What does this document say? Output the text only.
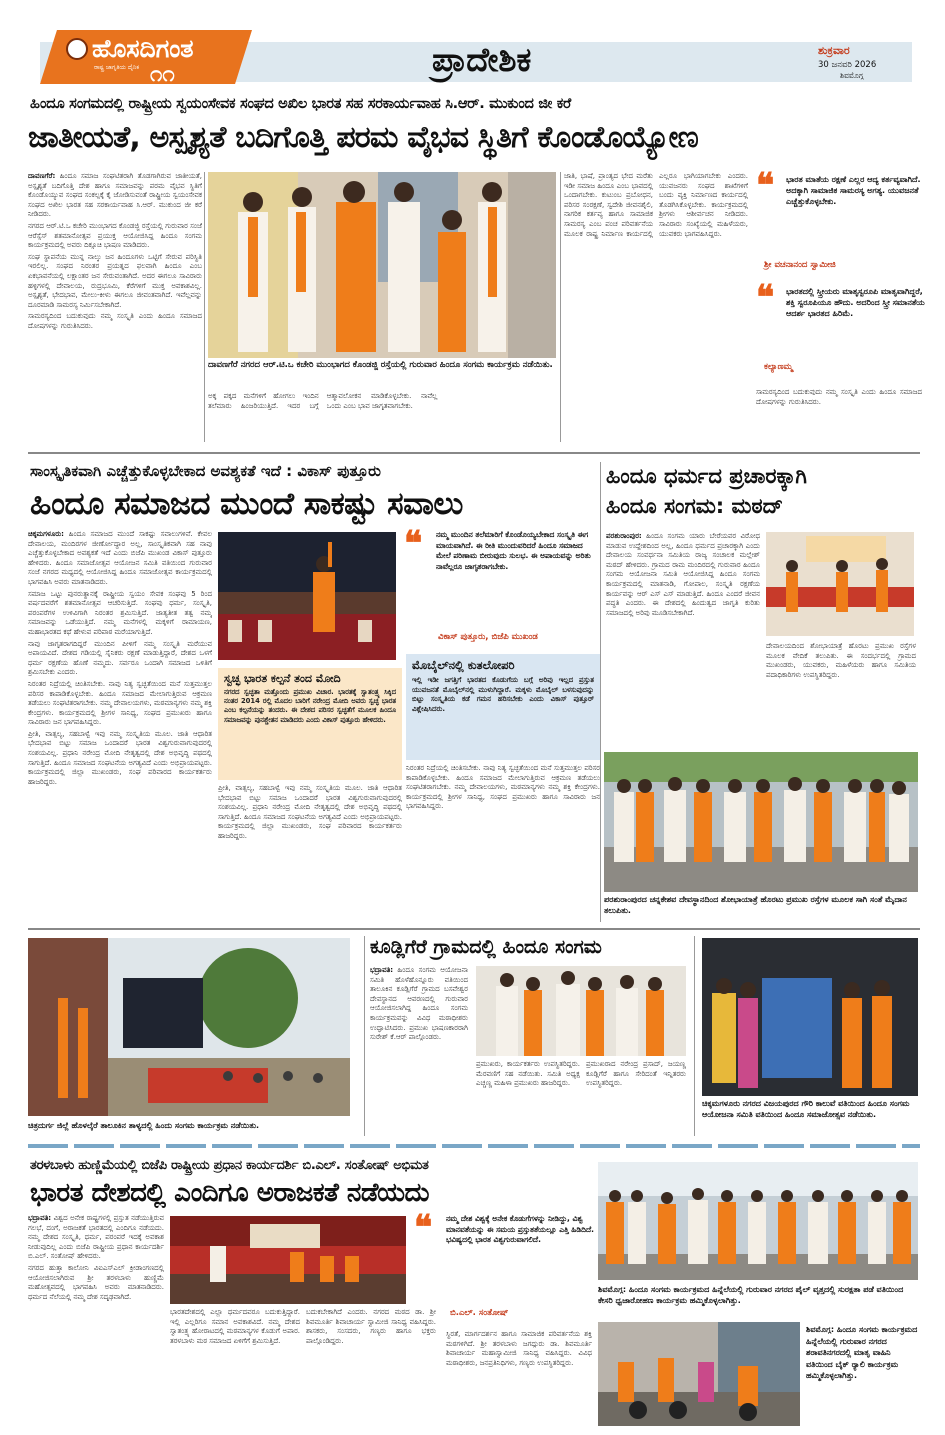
ಹೊಸದಿಗಂತ
ರಾಷ್ಟ್ರ ಜಾಗೃತಿಯ ದೈನಿಕ ೧೧	ಪ್ರಾದೇಶಿಕ	ಶುಕ್ರವಾರ
30 ಜನವರಿ 2026
ಶಿವಮೊಗ್ಗ
ಹಿಂದೂ ಸಂಗಮದಲ್ಲಿ ರಾಷ್ಟ್ರೀಯ ಸ್ವಯಂಸೇವಕ ಸಂಘದ ಅಖಿಲ ಭಾರತ ಸಹ ಸರಕಾರ್ಯವಾಹ ಸಿ.ಆರ್. ಮುಕುಂದ ಜೀ ಕರೆ
ಜಾತೀಯತೆ, ಅಸ್ಪೃಶ್ಯತೆ ಬದಿಗೊತ್ತಿ ಪರಮ ವೈಭವ ಸ್ಥಿತಿಗೆ ಕೊಂಡೊಯ್ಯೋಣ

ದಾವಣಗೆರೆ: ಹಿಂದೂ ಸಮಾಜ ಸಂಘಟಿತರಾಗಿ ತೊಡಗಾಗಿರುವ ಜಾತೀಯತೆ, ಅಸ್ಪೃಶ್ಯತೆ ಬದಿಗೊತ್ತಿ ದೇಶ ಹಾಗೂ ಸಮಾಜವನ್ನು ಪರಮ ವೈಭವ ಸ್ಥಿತಿಗೆ ಕೊಂಡೊಯ್ಯುವ ಸಂಘದ ಸಂಕಲ್ಪಕ್ಕೆ ಕೈ ಜೋಡಿಸುವಂತೆ ರಾಷ್ಟ್ರೀಯ ಸ್ವಯಂಸೇವಕ ಸಂಘದ ಅಖಿಲ ಭಾರತ ಸಹ ಸರಕಾರ್ಯವಾಹ ಸಿ.ಆರ್. ಮುಕುಂದ ಜೀ ಕರೆ ನೀಡಿದರು.

ನಗರದ ಆರ್.ಟಿ.ಒ ಕಚೇರಿ ಮುಂಭಾಗದ ಕೊಂಡಜ್ಜಿ ರಸ್ತೆಯಲ್ಲಿ ಗುರುವಾರ ಸಂಜೆ ಆರೆಸ್ಸೆಸ್ ಶತಮಾನೋತ್ಸವ ಪ್ರಯುಕ್ತ ಆಯೋಜಿಸಿದ್ದ ಹಿಂದೂ ಸಂಗಮ ಕಾರ್ಯಕ್ರಮದಲ್ಲಿ ಅವರು ದಿಕ್ಸೂಚಿ ಭಾಷಣ ಮಾಡಿದರು.

ಸಂಘ ಸ್ಥಾಪನೆಯ ಮುನ್ನ ನಾಲ್ಕು ಜನ ಹಿಂದೂಗಳು ಒಟ್ಟಿಗೆ ಸೇರುವ ಪರಿಸ್ಥಿತಿ ಇರಲಿಲ್ಲ. ಸಂಘದ ನಿರಂತರ ಪ್ರಯತ್ನದ ಫಲವಾಗಿ ಹಿಂದೂ ಎಂಬ ಏಕಭಾವನೆಯಲ್ಲಿ ಲಕ್ಷಾಂತರ ಜನ ಸೇರುವಂತಾಗಿದೆ. ಅದರ ಈಗಲೂ ಸಾವಿರಾರು ಹಳ್ಳಿಗಳಲ್ಲಿ ದೇವಾಲಯ, ರುದ್ರಭೂಮಿ, ಕೆರೆಗಳಿಗೆ ಮುಕ್ತ ಅವಕಾಶವಿಲ್ಲ. ಅಸ್ಪೃಶ್ಯತೆ, ಭೇದಭಾವ, ಮೇಲು-ಕೀಳು ಈಗಲೂ ಜೀವಂತವಾಗಿದೆ. ಇವೆಲ್ಲವನ್ನು ದೂರಮಾಡಿ ಸಾಮರಸ್ಯ ನಿರ್ಮಿಸಬೇಕಾಗಿದೆ.

ಸಾಮರಸ್ಯದಿಂದ ಬದುಕುವುದು ನಮ್ಮ ಸಂಸ್ಕೃತಿ ಎಂದು ಹಿಂದೂ ಸಮಾಜದ ದೋಷಗಳನ್ನು ಗುರುತಿಸಿದರು.

ದಾವಣಗೆರೆ ನಗರದ ಆರ್.ಟಿ.ಒ ಕಚೇರಿ ಮುಂಭಾಗದ ಕೊಂಡಜ್ಜಿ ರಸ್ತೆಯಲ್ಲಿ ಗುರುವಾರ ಹಿಂದೂ ಸಂಗಮ ಕಾರ್ಯಕ್ರಮ ನಡೆಯಿತು.
ಅಕ್ಕ ಪಕ್ಕದ ಮನೆಗಳಿಗೆ ಹೋಗಲು ಇಂದಿನ ತಲೆಮಾರು ಹಿಂಜರಿಯುತ್ತಿದೆ. ಇದರ ಬಗ್ಗೆ ಆತ್ಮಾವಲೋಕನ ಮಾಡಿಕೊಳ್ಳಬೇಕು. ನಾವೆಲ್ಲ ಒಂದು ಎಂಬ ಭಾವ ಜಾಗೃತವಾಗಬೇಕು.
ಜಾತಿ, ಭಾಷೆ, ಪ್ರಾಂತ್ಯದ ಭೇದ ಮರೆತು ಇಡೀ ಸಮಾಜ ಹಿಂದೂ ಎಂಬ ಭಾವದಲ್ಲಿ ಒಂದಾಗಬೇಕು. ಕುಟುಂಬ ಪ್ರಬೋಧನ, ಪರಿಸರ ಸಂರಕ್ಷಣೆ, ಸ್ವದೇಶಿ ಜೀವನಶೈಲಿ, ನಾಗರಿಕ ಕರ್ತವ್ಯ ಹಾಗೂ ಸಾಮಾಜಿಕ ಸಾಮರಸ್ಯ ಎಂಬ ಪಂಚ ಪರಿವರ್ತನೆಯ ಮೂಲಕ ರಾಷ್ಟ್ರ ನಿರ್ಮಾಣ ಕಾರ್ಯದಲ್ಲಿ ಎಲ್ಲರೂ ಭಾಗಿಯಾಗಬೇಕು ಎಂದರು. ಯುವಜನರು ಸಂಘದ ಶಾಖೆಗಳಿಗೆ ಬಂದು ವ್ಯಕ್ತಿ ನಿರ್ಮಾಣದ ಕಾರ್ಯದಲ್ಲಿ ತೊಡಗಿಸಿಕೊಳ್ಳಬೇಕು. ಕಾರ್ಯಕ್ರಮದಲ್ಲಿ ಶ್ರೀಗಳು ಆಶೀರ್ವಚನ ನೀಡಿದರು. ಸಾವಿರಾರು ಸಂಖ್ಯೆಯಲ್ಲಿ ಮಹಿಳೆಯರು, ಯುವಕರು ಭಾಗವಹಿಸಿದ್ದರು.
❝ ಭಾರತ ಮಾತೆಯ ರಕ್ಷಣೆ ಎಲ್ಲರ ಆದ್ಯ ಕರ್ತವ್ಯವಾಗಿದೆ. ಅದಕ್ಕಾಗಿ ಸಾಮಾಜಿಕ ಸಾಮರಸ್ಯ ಅಗತ್ಯ. ಯುವಜನತೆ ಎಚ್ಚೆತ್ತುಕೊಳ್ಳಬೇಕು.
ಶ್ರೀ ವಚನಾನಂದ ಸ್ವಾಮೀಜಿ
❝ ಭಾರತದಲ್ಲಿ ಸ್ತ್ರೀಯರು ಮಾತೃಸ್ವರೂಪಿ ಮಾತೃವಾಗಿದ್ದರೆ, ಶಕ್ತಿ ಸ್ವರೂಪಿಯೂ ಹೌದು. ಅದರಿಂದ ಸ್ತ್ರೀ ಸಮಾನತೆಯ ಆದರ್ಶ ಭಾರತದ ಹಿರಿಮೆ.
ಕಲ್ಯಾಣಮ್ಮ
ಸಾಮರಸ್ಯದಿಂದ ಬದುಕುವುದು ನಮ್ಮ ಸಂಸ್ಕೃತಿ ಎಂದು ಹಿಂದೂ ಸಮಾಜದ ದೋಷಗಳನ್ನು ಗುರುತಿಸಿದರು.
ಸಾಂಸ್ಕೃತಿಕವಾಗಿ ಎಚ್ಚೆತ್ತುಕೊಳ್ಳಬೇಕಾದ ಅವಶ್ಯಕತೆ ಇದೆ : ವಿಕಾಸ್ ಪುತ್ತೂರು
ಹಿಂದೂ ಸಮಾಜದ ಮುಂದೆ ಸಾಕಷ್ಟು ಸವಾಲು

ಚಿಕ್ಕಮಗಳೂರು: ಹಿಂದೂ ಸಮಾಜದ ಮುಂದೆ ಸಾಕಷ್ಟು ಸವಾಲುಗಳಿವೆ. ಕೇವಲ ದೇವಾಲಯ, ಮಂದಿರಗಳ ಜೀರ್ಣೋದ್ಧಾರ ಅಲ್ಲ, ಸಾಂಸ್ಕೃತಿಕವಾಗಿ ಸಹ ನಾವು ಎಚ್ಚೆತ್ತುಕೊಳ್ಳಬೇಕಾದ ಅವಶ್ಯಕತೆ ಇದೆ ಎಂದು ಬಿಜೆಪಿ ಮುಖಂಡ ವಿಕಾಸ್ ಪುತ್ತೂರು ಹೇಳಿದರು. ಹಿಂದೂ ಸಮಾಜೋತ್ಸವ ಆಯೋಜನ ಸಮಿತಿ ವತಿಯಿಂದ ಗುರುವಾರ ಸಂಜೆ ನಗರದ ಮಧ್ಯದಲ್ಲಿ ಆಯೋಜಿಸಿದ್ದ ಹಿಂದೂ ಸಮಾಜೋತ್ಸವ ಕಾರ್ಯಕ್ರಮದಲ್ಲಿ ಭಾಗವಹಿಸಿ ಅವರು ಮಾತನಾಡಿದರು.

ಸಮಾಜ ಒಟ್ಟು ಪುನರುತ್ಥಾನಕ್ಕೆ ರಾಷ್ಟ್ರೀಯ ಸ್ವಯಂ ಸೇವಕ ಸಂಘವು 5 ರಿಂದ ವರ್ಷದವರೆಗೆ ಶತಮಾನೋತ್ಸವ ಆಚರಿಸುತ್ತಿದೆ. ಸಂಘವು ಧರ್ಮ, ಸಂಸ್ಕೃತಿ, ಪರಂಪರೆಗಳ ಉಳಿವಿಗಾಗಿ ನಿರಂತರ ಶ್ರಮಿಸುತ್ತಿದೆ. ಜಾತ್ಯತೀತ ತತ್ವ ನಮ್ಮ ಸಮಾಜವನ್ನು ಒಡೆಯುತ್ತಿದೆ. ನಮ್ಮ ಮನೆಗಳಲ್ಲಿ ಮಕ್ಕಳಿಗೆ ರಾಮಾಯಣ, ಮಹಾಭಾರತದ ಕಥೆ ಹೇಳುವ ಪರಿಪಾಠ ಮರೆಯಾಗುತ್ತಿದೆ.

ನಾವು ಜಾಗೃತರಾಗದಿದ್ದರೆ ಮುಂದಿನ ಪೀಳಿಗೆ ನಮ್ಮ ಸಂಸ್ಕೃತಿ ಮರೆಯುವ ಅಪಾಯವಿದೆ. ದೇಶದ ಗಡಿಯಲ್ಲಿ ಸೈನಿಕರು ರಕ್ಷಣೆ ಮಾಡುತ್ತಿದ್ದಾರೆ, ದೇಶದ ಒಳಗೆ ಧರ್ಮ ರಕ್ಷಣೆಯ ಹೊಣೆ ನಮ್ಮದು. ಸರ್ವರೂ ಒಂದಾಗಿ ಸಮಾಜದ ಒಳಿತಿಗೆ ಶ್ರಮಿಸಬೇಕು ಎಂದರು.

ನಿರಂತರ ನಿದ್ರೆಯಲ್ಲಿ ಚಿಂತಿಸಬೇಕು. ನಾವು ನಿತ್ಯ ಸ್ವಚ್ಛತೆಯಿಂದ ಮನೆ ಸುತ್ತಮುತ್ತಲ ಪರಿಸರ ಕಾಪಾಡಿಕೊಳ್ಳಬೇಕು. ಹಿಂದೂ ಸಮಾಜದ ಮೇಲಾಗುತ್ತಿರುವ ಆಕ್ರಮಣ ತಡೆಯಲು ಸಂಘಟಿತರಾಗಬೇಕು. ನಮ್ಮ ದೇವಾಲಯಗಳು, ಮಠಮಾನ್ಯಗಳು ನಮ್ಮ ಶಕ್ತಿ ಕೇಂದ್ರಗಳು. ಕಾರ್ಯಕ್ರಮದಲ್ಲಿ ಶ್ರೀಗಳ ಸಾನಿಧ್ಯ, ಸಂಘದ ಪ್ರಮುಖರು ಹಾಗೂ ಸಾವಿರಾರು ಜನ ಭಾಗವಹಿಸಿದ್ದರು.

ಪ್ರೀತಿ, ವಾತ್ಸಲ್ಯ, ಸಹಬಾಳ್ವೆ ಇವು ನಮ್ಮ ಸಂಸ್ಕೃತಿಯ ಮೂಲ. ಜಾತಿ ಆಧಾರಿತ ಭೇದಭಾವ ಬಿಟ್ಟು ಸಮಾಜ ಒಂದಾದರೆ ಭಾರತ ವಿಶ್ವಗುರುವಾಗುವುದರಲ್ಲಿ ಸಂಶಯವಿಲ್ಲ. ಪ್ರಧಾನಿ ನರೇಂದ್ರ ಮೋದಿ ನೇತೃತ್ವದಲ್ಲಿ ದೇಶ ಅಭಿವೃದ್ಧಿ ಪಥದಲ್ಲಿ ಸಾಗುತ್ತಿದೆ. ಹಿಂದೂ ಸಮಾಜದ ಸಂಘಟನೆಯ ಅಗತ್ಯವಿದೆ ಎಂದು ಅಭಿಪ್ರಾಯಪಟ್ಟರು. ಕಾರ್ಯಕ್ರಮದಲ್ಲಿ ಜಿಲ್ಲಾ ಮುಖಂಡರು, ಸಂಘ ಪರಿವಾರದ ಕಾರ್ಯಕರ್ತರು ಹಾಜರಿದ್ದರು.

❝ ನಮ್ಮ ಮುಂದಿನ ತಲೆಮಾರಿಗೆ ಕೊಂಡೊಯ್ಯಬೇಕಾದ ಸಂಸ್ಕೃತಿ ಈಗ ಮಾಯವಾಗಿದೆ. ಈ ರೀತಿ ಮುಂದುವರಿದರೆ ಹಿಂದೂ ಸಮಾಜದ ಮೇಲೆ ಪರಿಣಾಮ ಬೀರುವುದು ಸುಲಭ. ಈ ಅಪಾಯವನ್ನು ಅರಿತು ನಾವೆಲ್ಲರೂ ಜಾಗೃತರಾಗಬೇಕು.
ವಿಕಾಸ್ ಪುತ್ತೂರು, ಬಿಜೆಪಿ ಮುಖಂಡ
ಸ್ವಚ್ಛ ಭಾರತ ಕಲ್ಪನೆ ತಂದ ಮೋದಿ
ನಗರದ ಸ್ವಚ್ಛತಾ ಮತ್ತೊಂದು ಪ್ರಮುಖ ವಿಚಾರ. ಭಾರತಕ್ಕೆ ಸ್ವಾತಂತ್ರ್ಯ ಸಿಕ್ಕಿದ ನಂತರ 2014 ರಲ್ಲಿ ಮೊದಲ ಬಾರಿಗೆ ನರೇಂದ್ರ ಮೋದಿ ಅವರು ಸ್ವಚ್ಛ ಭಾರತ ಎಂಬ ಕಲ್ಪನೆಯನ್ನು ತಂದರು. ಈ ದೇಶದ ಪರಿಸರ ಸ್ವಚ್ಛತೆಗೆ ಮೂಲಕ ಹಿಂದೂ ಸಮಾಜವನ್ನು ಪುನಶ್ಚೇತನ ಮಾಡಿದರು ಎಂದು ವಿಕಾಸ್ ಪುತ್ತೂರು ಹೇಳಿದರು.
ಮೊಬೈಲ್‌ನಲ್ಲಿ ಕುತಲೋಪರಿ
ಇಲ್ಲಿ ಇಡೀ ಜಗತ್ತಿಗೆ ಭಾರತದ ಕೊಡುಗೆಯ ಬಗ್ಗೆ ಅರಿವು ಇಲ್ಲದ ಪ್ರಸ್ತುತ ಯುವಜನತೆ ಮೊಬೈಲ್‌ನಲ್ಲಿ ಮುಳುಗಿದ್ದಾರೆ. ಮಕ್ಕಳು ಮೊಬೈಲ್ ಬಳಸುವುದನ್ನು ಬಿಟ್ಟು ಸಂಸ್ಕೃತಿಯ ಕಡೆ ಗಮನ ಹರಿಸಬೇಕು ಎಂದು ವಿಕಾಸ್ ಪುತ್ತೂರ್ ವಿಶ್ಲೇಷಿಸಿದರು.
ನಿರಂತರ ನಿದ್ರೆಯಲ್ಲಿ ಚಿಂತಿಸಬೇಕು. ನಾವು ನಿತ್ಯ ಸ್ವಚ್ಛತೆಯಿಂದ ಮನೆ ಸುತ್ತಮುತ್ತಲ ಪರಿಸರ ಕಾಪಾಡಿಕೊಳ್ಳಬೇಕು. ಹಿಂದೂ ಸಮಾಜದ ಮೇಲಾಗುತ್ತಿರುವ ಆಕ್ರಮಣ ತಡೆಯಲು ಸಂಘಟಿತರಾಗಬೇಕು. ನಮ್ಮ ದೇವಾಲಯಗಳು, ಮಠಮಾನ್ಯಗಳು ನಮ್ಮ ಶಕ್ತಿ ಕೇಂದ್ರಗಳು. ಕಾರ್ಯಕ್ರಮದಲ್ಲಿ ಶ್ರೀಗಳ ಸಾನಿಧ್ಯ, ಸಂಘದ ಪ್ರಮುಖರು ಹಾಗೂ ಸಾವಿರಾರು ಜನ ಭಾಗವಹಿಸಿದ್ದರು.
ಪ್ರೀತಿ, ವಾತ್ಸಲ್ಯ, ಸಹಬಾಳ್ವೆ ಇವು ನಮ್ಮ ಸಂಸ್ಕೃತಿಯ ಮೂಲ. ಜಾತಿ ಆಧಾರಿತ ಭೇದಭಾವ ಬಿಟ್ಟು ಸಮಾಜ ಒಂದಾದರೆ ಭಾರತ ವಿಶ್ವಗುರುವಾಗುವುದರಲ್ಲಿ ಸಂಶಯವಿಲ್ಲ. ಪ್ರಧಾನಿ ನರೇಂದ್ರ ಮೋದಿ ನೇತೃತ್ವದಲ್ಲಿ ದೇಶ ಅಭಿವೃದ್ಧಿ ಪಥದಲ್ಲಿ ಸಾಗುತ್ತಿದೆ. ಹಿಂದೂ ಸಮಾಜದ ಸಂಘಟನೆಯ ಅಗತ್ಯವಿದೆ ಎಂದು ಅಭಿಪ್ರಾಯಪಟ್ಟರು. ಕಾರ್ಯಕ್ರಮದಲ್ಲಿ ಜಿಲ್ಲಾ ಮುಖಂಡರು, ಸಂಘ ಪರಿವಾರದ ಕಾರ್ಯಕರ್ತರು ಹಾಜರಿದ್ದರು.
ಹಿಂದೂ ಧರ್ಮದ ಪ್ರಚಾರಕ್ಕಾಗಿ
ಹಿಂದೂ ಸಂಗಮ: ಮಠದ್

ಪರಶುರಾಂಪುರ: ಹಿಂದೂ ಸಂಗಮ ಯಾರು ಬೇರೆಯವರ ವಿರೋಧ ಮಾಡುವ ಉದ್ದೇಶದಿಂದ ಅಲ್ಲ, ಹಿಂದೂ ಧರ್ಮದ ಪ್ರಚಾರಕ್ಕಾಗಿ ಎಂದು ದೇವಾಲಯ ಸಂವರ್ಧನಾ ಸಮಿತಿಯ ರಾಜ್ಯ ಸಂಚಾಲಕ ಮಲ್ಲೇಶ್ ಮಠದ್ ಹೇಳಿದರು. ಗ್ರಾಮದ ರಾಮ ಮಂದಿರದಲ್ಲಿ ಗುರುವಾರ ಹಿಂದೂ ಸಂಗಮ ಆಯೋಜನಾ ಸಮಿತಿ ಆಯೋಜಿಸಿದ್ದ ಹಿಂದೂ ಸಂಗಮ ಕಾರ್ಯಕ್ರಮದಲ್ಲಿ ಮಾತನಾಡಿ, ಗೋಪಾಲ, ಸಂಸ್ಕೃತಿ ರಕ್ಷಣೆಯ ಕಾರ್ಯವನ್ನು ಆರ್ ಎಸ್ ಎಸ್ ಮಾಡುತ್ತಿದೆ. ಹಿಂದೂ ಎಂದರೆ ಜೀವನ ಪದ್ಧತಿ ಎಂದರು. ಈ ದೇಶದಲ್ಲಿ ಹಿಂದುತ್ವದ ಜಾಗೃತಿ ಕುರಿತು ಸಮಾಜದಲ್ಲಿ ಅರಿವು ಮೂಡಿಸಬೇಕಾಗಿದೆ.

ದೇವಾಲಯದಿಂದ ಶೋಭಾಯಾತ್ರೆ ಹೊರಟು ಪ್ರಮುಖ ರಸ್ತೆಗಳ ಮೂಲಕ ವೇದಿಕೆ ತಲುಪಿತು. ಈ ಸಂದರ್ಭದಲ್ಲಿ ಗ್ರಾಮದ ಮುಖಂಡರು, ಯುವಕರು, ಮಹಿಳೆಯರು ಹಾಗೂ ಸಮಿತಿಯ ಪದಾಧಿಕಾರಿಗಳು ಉಪಸ್ಥಿತರಿದ್ದರು.
ಪರಶುರಾಂಪುರದ ಚನ್ನಕೇಶವ ದೇವಸ್ಥಾನದಿಂದ ಶೋಭಾಯಾತ್ರೆ ಹೊರಟು ಪ್ರಮುಖ ರಸ್ತೆಗಳ ಮೂಲಕ ಸಾಗಿ ಸಂತೆ ಮೈದಾನ ತಲುಪಿತು.
ಚಿತ್ರದುರ್ಗ ಜಿಲ್ಲೆ ಹೊಳಲ್ಕೆರೆ ತಾಲೂಕಿನ ತಾಳ್ಯದಲ್ಲಿ ಹಿಂದು ಸಂಗಮ ಕಾರ್ಯಕ್ರಮ ನಡೆಯಿತು.
ಕೂಡ್ಲಿಗೆರೆ ಗ್ರಾಮದಲ್ಲಿ ಹಿಂದೂ ಸಂಗಮ

ಭದ್ರಾವತಿ: ಹಿಂದೂ ಸಂಗಮ ಆಯೋಜನಾ ಸಮಿತಿ ಹೊಳೆಹೊನ್ನೂರು ವತಿಯಿಂದ ತಾಲೂಕಿನ ಕೂಡ್ಲಿಗೆರೆ ಗ್ರಾಮದ ಬಸವೇಶ್ವರ ದೇವಸ್ಥಾನದ ಆವರಣದಲ್ಲಿ ಗುರುವಾರ ಆಯೋಜಿಸಲಾಗಿದ್ದ ಹಿಂದೂ ಸಂಗಮ ಕಾರ್ಯಕ್ರಮವನ್ನು ವಿವಿಧ ಮಠಾಧೀಶರು ಉದ್ಘಾಟಿಸಿದರು. ಪ್ರಮುಖ ಭಾಷಣಕಾರರಾಗಿ ಸುರೇಶ್ ಕೆ.ಆರ್ ಪಾಲ್ಗೊಂಡರು.

ಪ್ರಮುಖರು, ಕಾರ್ಯಕರ್ತರು ಉಪಸ್ಥಿತರಿದ್ದರು. ಮೆರವಣಿಗೆ ಸಹ ನಡೆಯಿತು. ಸಮಿತಿ ಅಧ್ಯಕ್ಷ ಎಚ್ಚಣ್ಣ ಮಹಿಳಾ ಪ್ರಮುಖರು ಹಾಜರಿದ್ದರು.
ಪ್ರಮುಖರಾದ ನರೇಂದ್ರ ಪ್ರಸಾದ್, ಜಯಣ್ಣ ಕೂಡ್ಲಿಗೆರೆ ಹಾಗೂ ಸೇರಿದಂತೆ ಇನ್ನಿತರರು ಉಪಸ್ಥಿತರಿದ್ದರು.
ಚಿಕ್ಕಮಗಳೂರು ನಗರದ ವಿಜಯಪುರದ ಗೌರಿ ಕಾಲುವೆ ವತಿಯಿಂದ ಹಿಂದೂ ಸಂಗಮ ಆಯೋಜನಾ ಸಮಿತಿ ವತಿಯಿಂದ ಹಿಂದೂ ಸಮಾಜೋತ್ಸವ ನಡೆಯಿತು.
ತರಳಬಾಳು ಹುಣ್ಣಿಮೆಯಲ್ಲಿ ಬಿಜೆಪಿ ರಾಷ್ಟ್ರೀಯ ಪ್ರಧಾನ ಕಾರ್ಯದರ್ಶಿ ಬಿ.ಎಲ್. ಸಂತೋಷ್ ಅಭಿಮತ
ಭಾರತ ದೇಶದಲ್ಲಿ ಎಂದಿಗೂ ಅರಾಜಕತೆ ನಡೆಯದು

ಭದ್ರಾವತಿ: ವಿಶ್ವದ ಅನೇಕ ರಾಷ್ಟ್ರಗಳಲ್ಲಿ ಪ್ರಸ್ತುತ ನಡೆಯುತ್ತಿರುವ ಗಲಭೆ, ದಂಗೆ, ಅರಾಜಕತೆ ಭಾರತದಲ್ಲಿ ಎಂದಿಗೂ ನಡೆಯದು. ನಮ್ಮ ದೇಶದ ಸಂಸ್ಕೃತಿ, ಧರ್ಮ, ಪರಂಪರೆ ಇದಕ್ಕೆ ಅವಕಾಶ ನೀಡುವುದಿಲ್ಲ ಎಂದು ಬಿಜೆಪಿ ರಾಷ್ಟ್ರೀಯ ಪ್ರಧಾನ ಕಾರ್ಯದರ್ಶಿ ಬಿ.ಎಲ್. ಸಂತೋಷ್ ಹೇಳಿದರು.

ನಗರದ ಹುತ್ತಾ ಕಾಲೋನಿ ವಿಐಎಸ್ಎಲ್ ಕ್ರೀಡಾಂಗಣದಲ್ಲಿ ಆಯೋಜಿಸಲಾಗಿರುವ ಶ್ರೀ ತರಳಬಾಳು ಹುಣ್ಣಿಮೆ ಮಹೋತ್ಸವದಲ್ಲಿ ಭಾಗವಹಿಸಿ ಅವರು ಮಾತನಾಡಿದರು. ಧರ್ಮದ ನೆಲೆಯಲ್ಲಿ ನಮ್ಮ ದೇಶ ಸದೃಢವಾಗಿದೆ.

ಭಾರತದೇಶದಲ್ಲಿ ಎಲ್ಲಾ ಧರ್ಮದವರೂ ಬದುಕುತ್ತಿದ್ದಾರೆ. ಇಲ್ಲಿ ಎಲ್ಲರಿಗೂ ಸಮಾನ ಅವಕಾಶವಿದೆ. ನಮ್ಮ ದೇಶದ ಸ್ವಾತಂತ್ರ್ಯ ಹೋರಾಟದಲ್ಲಿ ಮಠಮಾನ್ಯಗಳ ಕೊಡುಗೆ ಅಪಾರ. ತರಳಬಾಳು ಮಠ ಸಮಾಜದ ಏಳಿಗೆಗೆ ಶ್ರಮಿಸುತ್ತಿದೆ.
ಬದುಕಬೇಕಾಗಿದೆ ಎಂದರು. ನಗರದ ಮಠದ ಡಾ. ಶ್ರೀ ಶಿವಮೂರ್ತಿ ಶಿವಾಚಾರ್ಯ ಸ್ವಾಮೀಜಿ ಸಾನಿಧ್ಯ ವಹಿಸಿದ್ದರು. ಶಾಸಕರು, ಸಂಸದರು, ಗಣ್ಯರು ಹಾಗೂ ಭಕ್ತರು ಪಾಲ್ಗೊಂಡಿದ್ದರು.
❝ ನಮ್ಮ ದೇಶ ವಿಶ್ವಕ್ಕೆ ಅನೇಕ ಕೊಡುಗೆಗಳನ್ನು ನೀಡಿದ್ದು, ವಿಶ್ವ ಮಾನವತೆಯನ್ನು ಈ ಸಮಯ ಪ್ರಸ್ತುತತೆಯಲ್ಲೂ ಎತ್ತಿ ಹಿಡಿದಿದೆ. ಭವಿಷ್ಯದಲ್ಲಿ ಭಾರತ ವಿಶ್ವಗುರುವಾಗಲಿದೆ.
ಬಿ.ಎಲ್. ಸಂತೋಷ್
ಸ್ಥಿರತೆ, ಮಾರ್ಗದರ್ಶನ ಹಾಗೂ ಸಾಮಾಜಿಕ ಪರಿವರ್ತನೆಯ ಶಕ್ತಿ ಮಠಗಳಿಗಿದೆ. ಶ್ರೀ ತರಳಬಾಳು ಜಗದ್ಗುರು ಡಾ. ಶಿವಮೂರ್ತಿ ಶಿವಾಚಾರ್ಯ ಮಹಾಸ್ವಾಮೀಜಿ ಸಾನಿಧ್ಯ ವಹಿಸಿದ್ದರು. ವಿವಿಧ ಮಠಾಧೀಶರು, ಜನಪ್ರತಿನಿಧಿಗಳು, ಗಣ್ಯರು ಉಪಸ್ಥಿತರಿದ್ದರು.
ಶಿವಮೊಗ್ಗ: ಹಿಂದೂ ಸಂಗಮ ಕಾರ್ಯಕ್ರಮದ ಹಿನ್ನೆಲೆಯಲ್ಲಿ ಗುರುವಾರ ನಗರದ ಪೈಲ್ ವೃತ್ತದಲ್ಲಿ ಸುರಕ್ಷತಾ ಪಡೆ ವತಿಯಿಂದ ಕೇಸರಿ ಧ್ವಜಾರೋಹಣ ಕಾರ್ಯಕ್ರಮ ಹಮ್ಮಿಕೊಳ್ಳಲಾಗಿತ್ತು.
ಶಿವಮೊಗ್ಗ: ಹಿಂದೂ ಸಂಗಮ ಕಾರ್ಯಕ್ರಮದ ಹಿನ್ನೆಲೆಯಲ್ಲಿ ಗುರುವಾರ ನಗರದ ಶರಾವತಿನಗರದಲ್ಲಿ ಮಾತೃ ವಾಹಿನಿ ವತಿಯಿಂದ ಬೈಕ್ ರ‍್ಯಾಲಿ ಕಾರ್ಯಕ್ರಮ ಹಮ್ಮಿಕೊಳ್ಳಲಾಗಿತ್ತು.
